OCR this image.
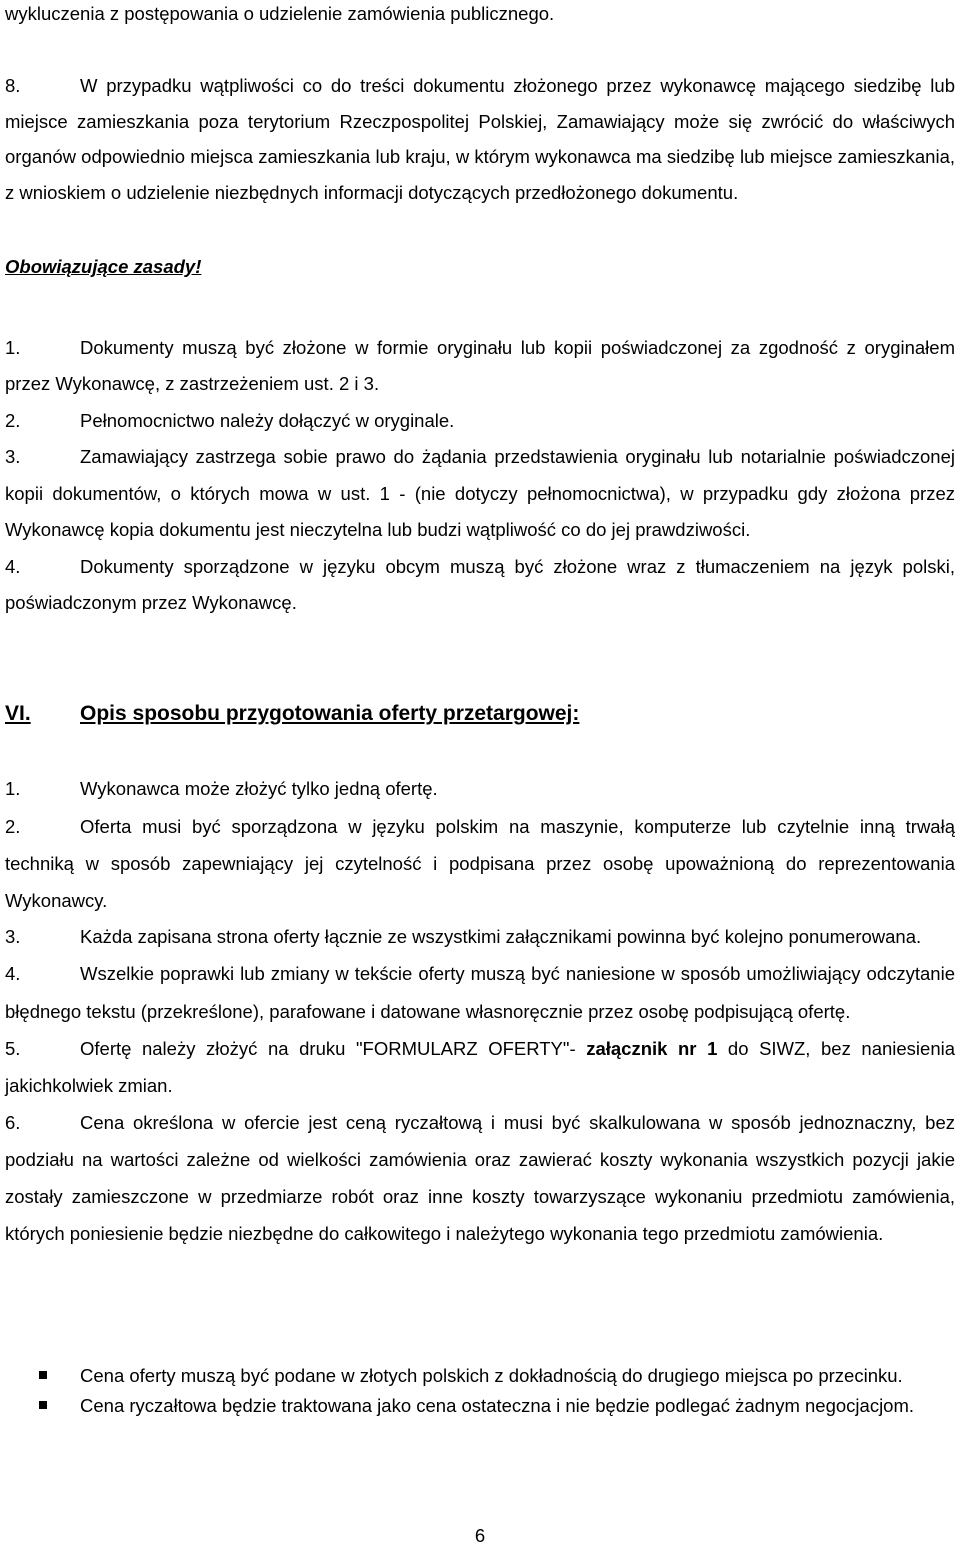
wykluczenia z postępowania o udzielenie zamówienia publicznego.

8.	W przypadku wątpliwości co do treści dokumentu złożonego przez wykonawcę mającego siedzibę lub miejsce zamieszkania poza terytorium Rzeczpospolitej Polskiej, Zamawiający może się zwrócić do właściwych organów odpowiednio miejsca zamieszkania lub kraju, w którym wykonawca ma siedzibę lub miejsce zamieszkania, z wnioskiem o udzielenie niezbędnych informacji dotyczących przedłożonego dokumentu.

Obowiązujące zasady!

1.	Dokumenty muszą być złożone w formie oryginału lub kopii poświadczonej za zgodność z oryginałem przez Wykonawcę, z zastrzeżeniem ust. 2 i 3.

2.	Pełnomocnictwo należy dołączyć w oryginale.

3.	Zamawiający zastrzega sobie prawo do żądania przedstawienia oryginału lub notarialnie poświadczonej kopii dokumentów, o których mowa w ust. 1 - (nie dotyczy pełnomocnictwa), w przypadku gdy złożona przez Wykonawcę kopia dokumentu jest nieczytelna lub budzi wątpliwość co do jej prawdziwości.

4.	Dokumenty sporządzone w języku obcym muszą być złożone wraz z tłumaczeniem na język polski, poświadczonym przez Wykonawcę.

VI. Opis sposobu przygotowania oferty przetargowej:

1.	Wykonawca może złożyć tylko jedną ofertę.

2.	Oferta musi być sporządzona w języku polskim na maszynie, komputerze lub czytelnie inną trwałą techniką w sposób zapewniający jej czytelność i podpisana przez osobę upoważnioną do reprezentowania Wykonawcy.

3.	Każda zapisana strona oferty łącznie ze wszystkimi załącznikami powinna być kolejno ponumerowana.

4.	Wszelkie poprawki lub zmiany w tekście oferty muszą być naniesione w sposób umożliwiający odczytanie błędnego tekstu (przekreślone), parafowane i datowane własnoręcznie przez osobę podpisującą ofertę.

5.	Ofertę należy złożyć na druku "FORMULARZ OFERTY"- załącznik nr 1 do SIWZ, bez naniesienia jakichkolwiek zmian.

6.	Cena określona w ofercie jest ceną ryczałtową i musi być skalkulowana w sposób jednoznaczny, bez podziału na wartości zależne od wielkości zamówienia oraz zawierać koszty wykonania wszystkich pozycji jakie zostały zamieszczone w przedmiarze robót oraz inne koszty towarzyszące wykonaniu przedmiotu zamówienia, których poniesienie będzie niezbędne do całkowitego i należytego wykonania tego przedmiotu zamówienia.

Cena oferty muszą być podane w złotych polskich z dokładnością do drugiego miejsca po przecinku.
Cena ryczałtowa będzie traktowana jako cena ostateczna i nie będzie podlegać żadnym negocjacjom.
6
